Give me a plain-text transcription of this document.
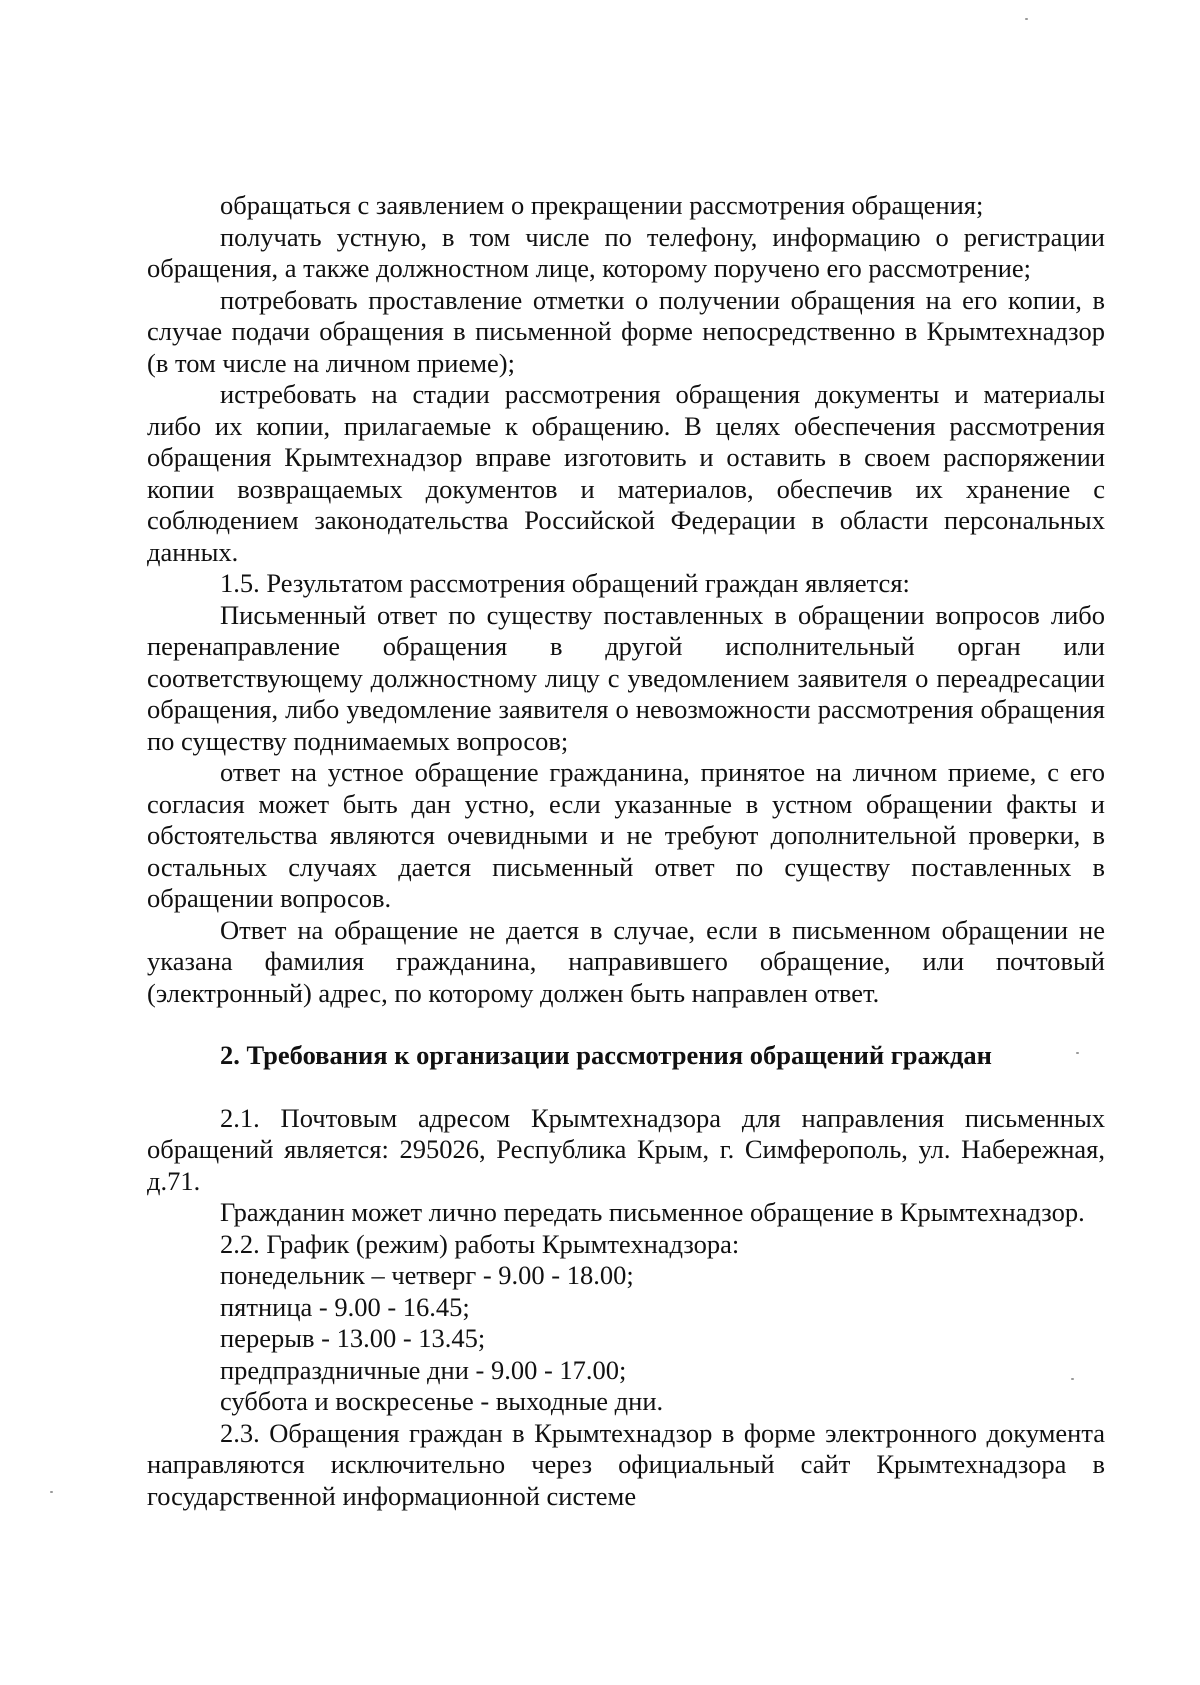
обращаться с заявлением о прекращении рассмотрения обращения;

получать устную, в том числе по телефону, информацию о регистрации обращения, а также должностном лице, которому поручено его рассмотрение;

потребовать проставление отметки о получении обращения на его копии, в случае подачи обращения в письменной форме непосредственно в Крымтехнадзор (в том числе на личном приеме);

истребовать на стадии рассмотрения обращения документы и материалы либо их копии, прилагаемые к обращению. В целях обеспечения рассмотрения обращения Крымтехнадзор вправе изготовить и оставить в своем распоряжении копии возвращаемых документов и материалов, обеспечив их хранение с соблюдением законодательства Российской Федерации в области персональных данных.

1.5. Результатом рассмотрения обращений граждан является:

Письменный ответ по существу поставленных в обращении вопросов либо перенаправление обращения в другой исполнительный орган или соответствующему должностному лицу с уведомлением заявителя о переадресации обращения, либо уведомление заявителя о невозможности рассмотрения обращения по существу поднимаемых вопросов;

ответ на устное обращение гражданина, принятое на личном приеме, с его согласия может быть дан устно, если указанные в устном обращении факты и обстоятельства являются очевидными и не требуют дополнительной проверки, в остальных случаях дается письменный ответ по существу поставленных в обращении вопросов.

Ответ на обращение не дается в случае, если в письменном обращении не указана фамилия гражданина, направившего обращение, или почтовый (электронный) адрес, по которому должен быть направлен ответ.

2. Требования к организации рассмотрения обращений граждан

2.1. Почтовым адресом Крымтехнадзора для направления письменных обращений является: 295026, Республика Крым, г. Симферополь, ул. Набережная, д.71.

Гражданин может лично передать письменное обращение в Крымтехнадзор.

2.2. График (режим) работы Крымтехнадзора:

понедельник – четверг - 9.00 - 18.00;

пятница - 9.00 - 16.45;

перерыв - 13.00 - 13.45;

предпраздничные дни - 9.00 - 17.00;

суббота и воскресенье - выходные дни.

2.3. Обращения граждан в Крымтехнадзор в форме электронного документа направляются исключительно через официальный сайт Крымтехнадзора в государственной информационной системе
